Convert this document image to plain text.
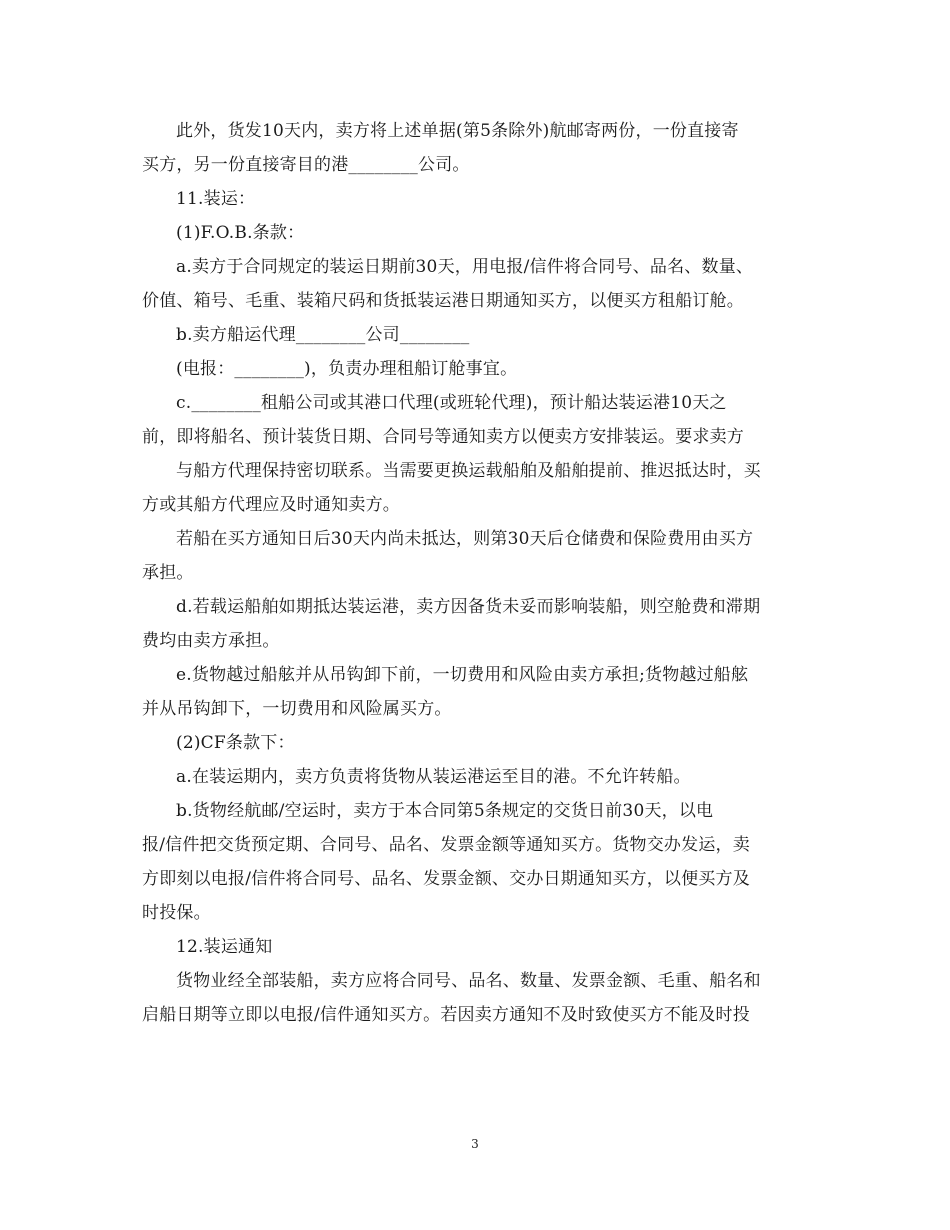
此外，货发10天内，卖方将上述单据(第5条除外)航邮寄两份，一份直接寄
买方，另一份直接寄目的港________公司。
11.装运：
(1)F.O.B.条款：
a.卖方于合同规定的装运日期前30天，用电报/信件将合同号、品名、数量、
价值、箱号、毛重、装箱尺码和货抵装运港日期通知买方，以便买方租船订舱。
b.卖方船运代理________公司________
(电报：________)，负责办理租船订舱事宜。
c.________租船公司或其港口代理(或班轮代理)，预计船达装运港10天之
前，即将船名、预计装货日期、合同号等通知卖方以便卖方安排装运。要求卖方
与船方代理保持密切联系。当需要更换运载船舶及船舶提前、推迟抵达时，买
方或其船方代理应及时通知卖方。
若船在买方通知日后30天内尚未抵达，则第30天后仓储费和保险费用由买方
承担。
d.若载运船舶如期抵达装运港，卖方因备货未妥而影响装船，则空舱费和滞期
费均由卖方承担。
e.货物越过船舷并从吊钩卸下前，一切费用和风险由卖方承担;货物越过船舷
并从吊钩卸下，一切费用和风险属买方。
(2)CF条款下：
a.在装运期内，卖方负责将货物从装运港运至目的港。不允许转船。
b.货物经航邮/空运时，卖方于本合同第5条规定的交货日前30天，以电
报/信件把交货预定期、合同号、品名、发票金额等通知买方。货物交办发运，卖
方即刻以电报/信件将合同号、品名、发票金额、交办日期通知买方，以便买方及
时投保。
12.装运通知
货物业经全部装船，卖方应将合同号、品名、数量、发票金额、毛重、船名和
启船日期等立即以电报/信件通知买方。若因卖方通知不及时致使买方不能及时投
3
